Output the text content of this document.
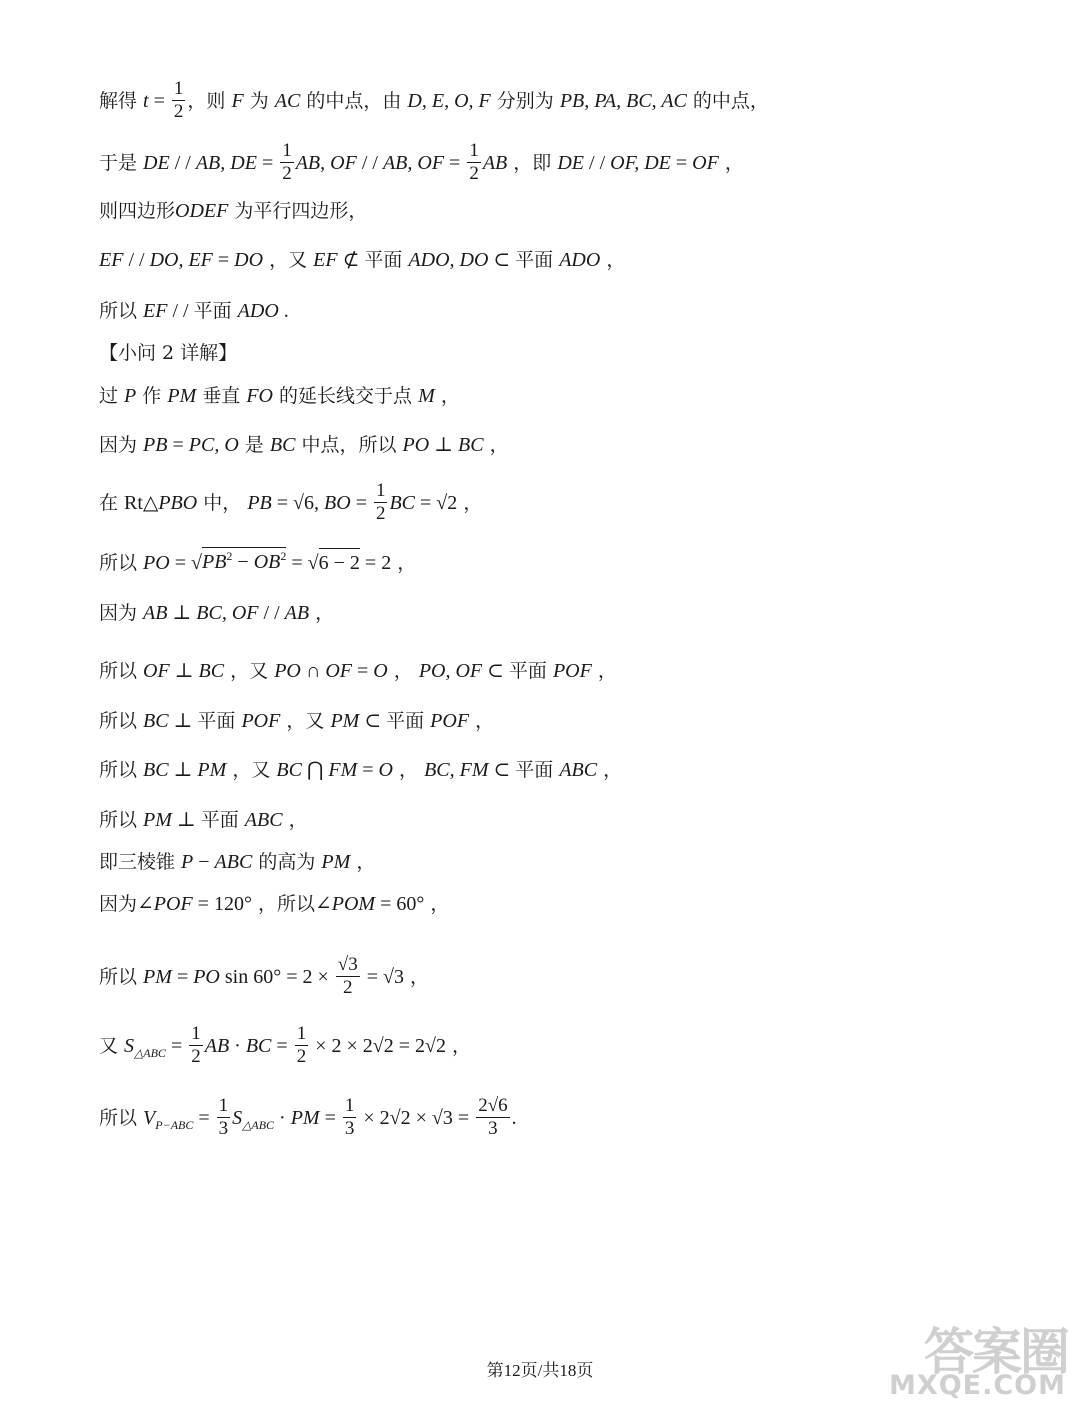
解得 $t = \frac{1}{2}$ ，则 F 为 AC 的中点，由 D, E, O, F 分别为 PB, PA, BC, AC 的中点，
于是 DE / / AB, DE = $\frac{1}{2}$ AB, OF / / AB, OF = $\frac{1}{2}$ AB ，即 DE / / OF, DE = OF ，
则四边形 ODEF 为平行四边形，
EF / / DO, EF = DO ，又 EF ⊄ 平面 ADO, DO ⊂ 平面 ADO ，
所以 EF / / 平面 ADO .
【小问 2 详解】
过 P 作 PM 垂直 FO 的延长线交于点 M ，
因为 PB = PC, O 是 BC 中点，所以 PO ⊥ BC ，
在 Rt△ PBO 中， PB = √6, BO = $\frac{1}{2}$ BC = √2 ，
所以 PO = √ $PB^2 - OB^2$ = √ 6 − 2 = 2 ，
因为 AB ⊥ BC, OF / / AB ，
所以 OF ⊥ BC ，又 PO ∩ OF = O ， PO, OF ⊂ 平面 POF ，
所以 BC ⊥ 平面 POF ，又 PM ⊂ 平面 POF ，
所以 BC ⊥ PM ，又 BC ⋂ FM = O ， BC, FM ⊂ 平面 ABC ，
所以 PM ⊥ 平面 ABC ，
即三棱锥 P − ABC 的高为 PM ，
因为 ∠ POF = 120° ，所以 ∠ POM = 60° ，
所以 PM = PO $\sin 60^\circ = 2 \times \frac{√3}{2} = √3$ ，
又 S △ABC = $\frac{1}{2}$ AB · BC = $\frac{1}{2} \times 2 \times 2√2 = 2√2$ ，
所以 V $P-ABC = \frac{1}{3}$ S △ABC · PM = $\frac{1}{3} \times 2√2 \times √3 = \frac{2√6}{3}$ .
第12页/共18页	答案圈
MXQE.COM
